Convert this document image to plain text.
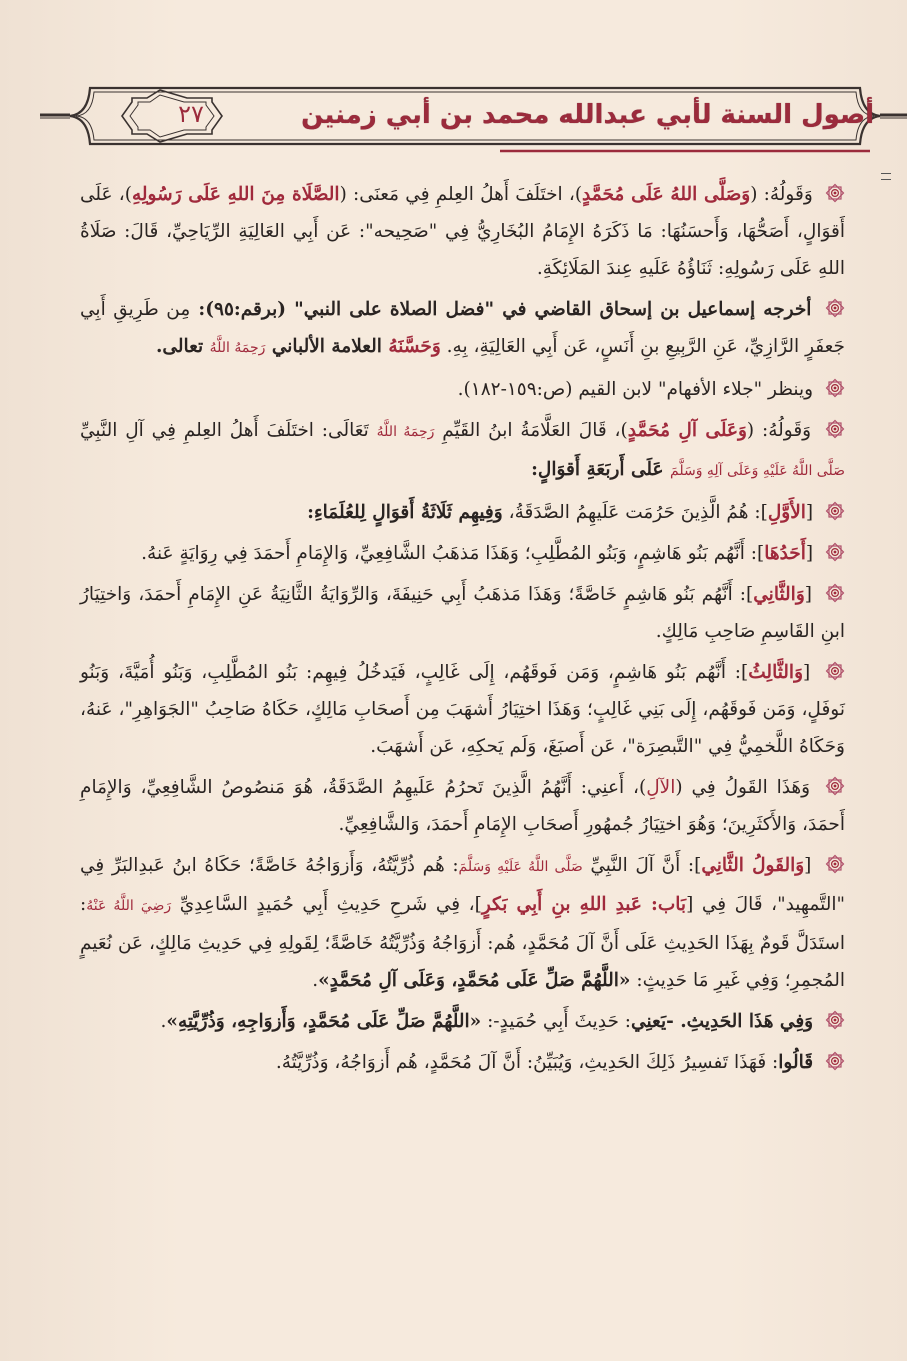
أصول السنة لأبي عبدالله محمد بن أبي زمنين
٢٧

وَقَولُهُ: (وَصَلَّى اللهُ عَلَى مُحَمَّدٍ)، اختَلَفَ أَهلُ العِلمِ فِي مَعنَى: (الصَّلَاة مِنَ اللهِ عَلَى رَسُولِهِ)، عَلَى أَقوَالٍ، أَصَحُّهَا، وَأَحسَنُهَا: مَا ذَكَرَهُ الإِمَامُ البُخَارِيُّ فِي "صَحِيحه": عَن أَبِي العَالِيَةِ الرِّيَاحِيِّ، قَالَ: صَلَاةُ اللهِ عَلَى رَسُولِهِ: ثَنَاؤُهُ عَلَيهِ عِندَ المَلَائِكَةِ.

أخرجه إسماعيل بن إسحاق القاضي في "فضل الصلاة على النبي" (برقم:٩٥): مِن طَرِيقِ أَبِي جَعفَرٍ الرَّازِيِّ، عَنِ الرَّبِيعِ بنِ أَنَسٍ، عَن أَبِي العَالِيَةِ، بِهِ. وَحَسَّنَهُ العلامة الألباني رَحِمَهُ اللَّهُ تعالى.

وينظر "جلاء الأفهام" لابن القيم (ص:١٥٩-١٨٢).

وَقَولُهُ: (وَعَلَى آلِ مُحَمَّدٍ)، قَالَ العَلَّامَةُ ابنُ القَيِّمِ رَحِمَهُ اللَّهُ تَعَالَى: اختَلَفَ أَهلُ العِلمِ فِي آلِ النَّبِيِّ صَلَّى اللَّهُ عَلَيْهِ وَعَلَى آلِهِ وَسَلَّمَ عَلَى أَربَعَةِ أَقوَالٍ:

[الأَوَّلِ]: هُمُ الَّذِينَ حَرُمَت عَلَيهِمُ الصَّدَقَةُ، وَفِيهِم ثَلَاثَةُ أَقوَالٍ لِلعُلَمَاءِ:

[أَحَدُهَا]: أَنَّهُم بَنُو هَاشِمٍ، وَبَنُو المُطَّلِبِ؛ وَهَذَا مَذهَبُ الشَّافِعِيِّ، وَالإِمَامِ أَحمَدَ فِي رِوَايَةٍ عَنهُ.

[وَالثَّانِي]: أَنَّهُم بَنُو هَاشِمٍ خَاصَّةً؛ وَهَذَا مَذهَبُ أَبِي حَنِيفَةَ، وَالرِّوَايَةُ الثَّانِيَةُ عَنِ الإِمَامِ أَحمَدَ، وَاختِيَارُ ابنِ القَاسِمِ صَاحِبِ مَالِكٍ.

[وَالثَّالِثُ]: أَنَّهُم بَنُو هَاشِمٍ، وَمَن فَوقَهُم، إِلَى غَالِبٍ، فَيَدخُلُ فِيهِم: بَنُو المُطَّلِبِ، وَبَنُو أُمَيَّةَ، وَبَنُو نَوفَلٍ، وَمَن فَوقَهُم، إِلَى بَنِي غَالِبٍ؛ وَهَذَا اختِيَارُ أَشهَبَ مِن أَصحَابِ مَالِكٍ، حَكَاهُ صَاحِبُ "الجَوَاهِرِ"، عَنهُ، وَحَكَاهُ اللَّخمِيُّ فِي "التَّبصِرَة"، عَن أَصبَغَ، وَلَم يَحكِهِ، عَن أَشهَبَ.

وَهَذَا القَولُ فِي (الآلِ)، أَعنِي: أَنَّهُمُ الَّذِينَ تَحرُمُ عَلَيهِمُ الصَّدَقَةُ، هُوَ مَنصُوصُ الشَّافِعِيِّ، وَالإِمَامِ أَحمَدَ، وَالأَكثَرِينَ؛ وَهُوَ اختِيَارُ جُمهُورِ أَصحَابِ الإِمَامِ أَحمَدَ، وَالشَّافِعِيِّ.

[وَالقَولُ الثَّانِي]: أَنَّ آلَ النَّبِيِّ صَلَّى اللَّهُ عَلَيْهِ وَسَلَّمَ: هُم ذُرِّيَّتُهُ، وَأَزوَاجُهُ خَاصَّةً؛ حَكَاهُ ابنُ عَبدِالبَرِّ فِي "التَّمهِيد"، قَالَ فِي [بَاب: عَبدِ اللهِ بنِ أَبِي بَكرٍ]، فِي شَرحِ حَدِيثِ أَبِي حُمَيدٍ السَّاعِدِيِّ رَضِيَ اللَّهُ عَنْهُ: استَدَلَّ قَومٌ بِهَذَا الحَدِيثِ عَلَى أَنَّ آلَ مُحَمَّدٍ، هُم: أَزوَاجُهُ وَذُرِّيَّتُهُ خَاصَّةً؛ لِقَولِهِ فِي حَدِيثِ مَالِكٍ، عَن نُعَيمٍ المُجمِرِ؛ وَفِي غَيرِ مَا حَدِيثٍ: «اللَّهُمَّ صَلِّ عَلَى مُحَمَّدٍ، وَعَلَى آلِ مُحَمَّدٍ».

وَفِي هَذَا الحَدِيثِ. -يَعنِي: حَدِيثَ أَبِي حُمَيدٍ-: «اللَّهُمَّ صَلِّ عَلَى مُحَمَّدٍ، وَأَزوَاجِهِ، وَذُرِّيَّتِهِ».

قَالُوا: فَهَذَا تَفسِيرُ ذَلِكَ الحَدِيثِ، وَيُبَيِّنُ: أَنَّ آلَ مُحَمَّدٍ، هُم أَزوَاجُهُ، وَذُرِّيَّتُهُ.
